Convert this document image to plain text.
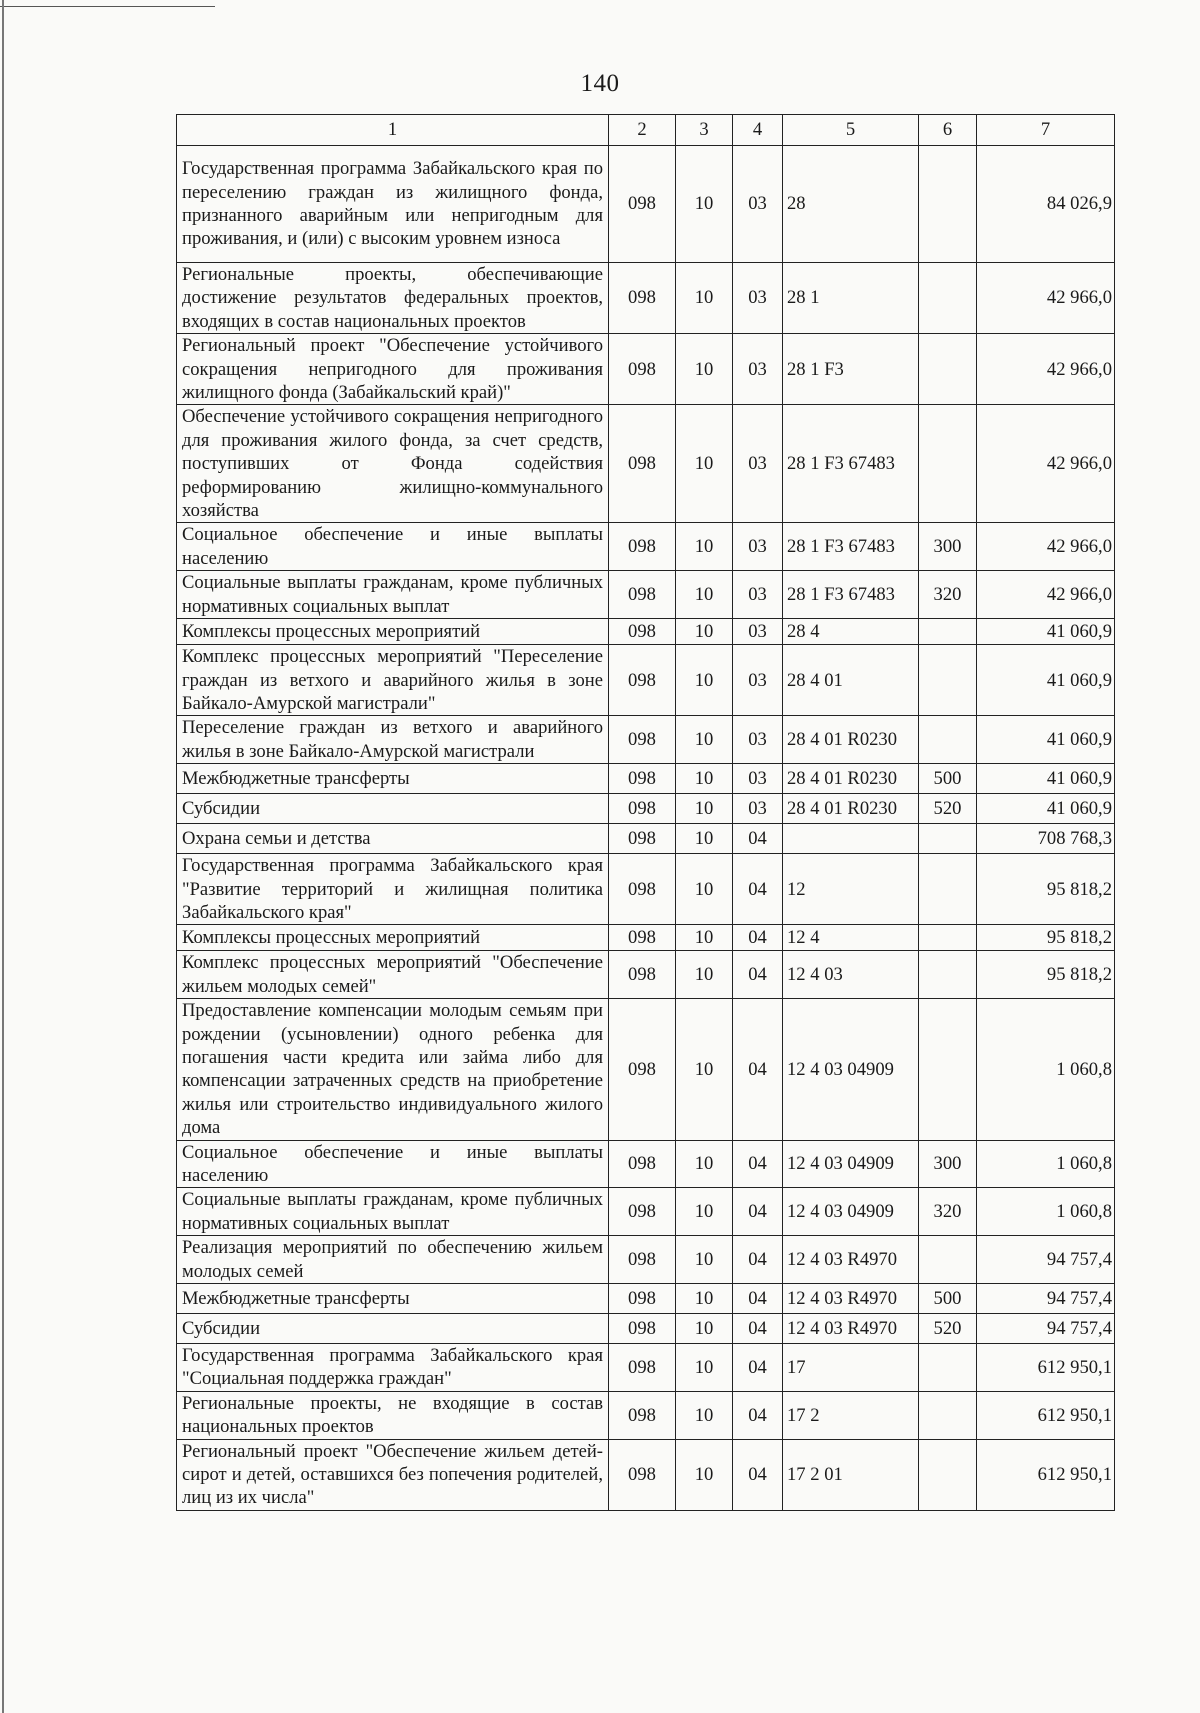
140
1	2	3	4	5	6	7
Государственная программа Забайкальского края по переселению граждан из жилищного фонда, признанного аварийным или непригодным для проживания, и (или) с высоким уровнем износа	098	10	03	28		84 026,9
Региональные проекты, обеспечивающие достижение результатов федеральных проектов, входящих в состав национальных проектов	098	10	03	28 1		42 966,0
Региональный проект "Обеспечение устойчивого сокращения непригодного для проживания жилищного фонда (Забайкальский край)"	098	10	03	28 1 F3		42 966,0
Обеспечение устойчивого сокращения непригодного для проживания жилого фонда, за счет средств, поступивших от Фонда содействия реформированию жилищно-коммунального хозяйства	098	10	03	28 1 F3 67483		42 966,0
Социальное обеспечение и иные выплаты населению	098	10	03	28 1 F3 67483	300	42 966,0
Социальные выплаты гражданам, кроме публичных нормативных социальных выплат	098	10	03	28 1 F3 67483	320	42 966,0
Комплексы процессных мероприятий	098	10	03	28 4		41 060,9
Комплекс процессных мероприятий "Переселение граждан из ветхого и аварийного жилья в зоне Байкало-Амурской магистрали"	098	10	03	28 4 01		41 060,9
Переселение граждан из ветхого и аварийного жилья в зоне Байкало-Амурской магистрали	098	10	03	28 4 01 R0230		41 060,9
Межбюджетные трансферты	098	10	03	28 4 01 R0230	500	41 060,9
Субсидии	098	10	03	28 4 01 R0230	520	41 060,9
Охрана семьи и детства	098	10	04			708 768,3
Государственная программа Забайкальского края "Развитие территорий и жилищная политика Забайкальского края"	098	10	04	12		95 818,2
Комплексы процессных мероприятий	098	10	04	12 4		95 818,2
Комплекс процессных мероприятий "Обеспечение жильем молодых семей"	098	10	04	12 4 03		95 818,2
Предоставление компенсации молодым семьям при рождении (усыновлении) одного ребенка для погашения части кредита или займа либо для компенсации затраченных средств на приобретение жилья или строительство индивидуального жилого дома	098	10	04	12 4 03 04909		1 060,8
Социальное обеспечение и иные выплаты населению	098	10	04	12 4 03 04909	300	1 060,8
Социальные выплаты гражданам, кроме публичных нормативных социальных выплат	098	10	04	12 4 03 04909	320	1 060,8
Реализация мероприятий по обеспечению жильем молодых семей	098	10	04	12 4 03 R4970		94 757,4
Межбюджетные трансферты	098	10	04	12 4 03 R4970	500	94 757,4
Субсидии	098	10	04	12 4 03 R4970	520	94 757,4
Государственная программа Забайкальского края "Социальная поддержка граждан"	098	10	04	17		612 950,1
Региональные проекты, не входящие в состав национальных проектов	098	10	04	17 2		612 950,1
Региональный проект "Обеспечение жильем детей-сирот и детей, оставшихся без попечения родителей, лиц из их числа"	098	10	04	17 2 01		612 950,1
